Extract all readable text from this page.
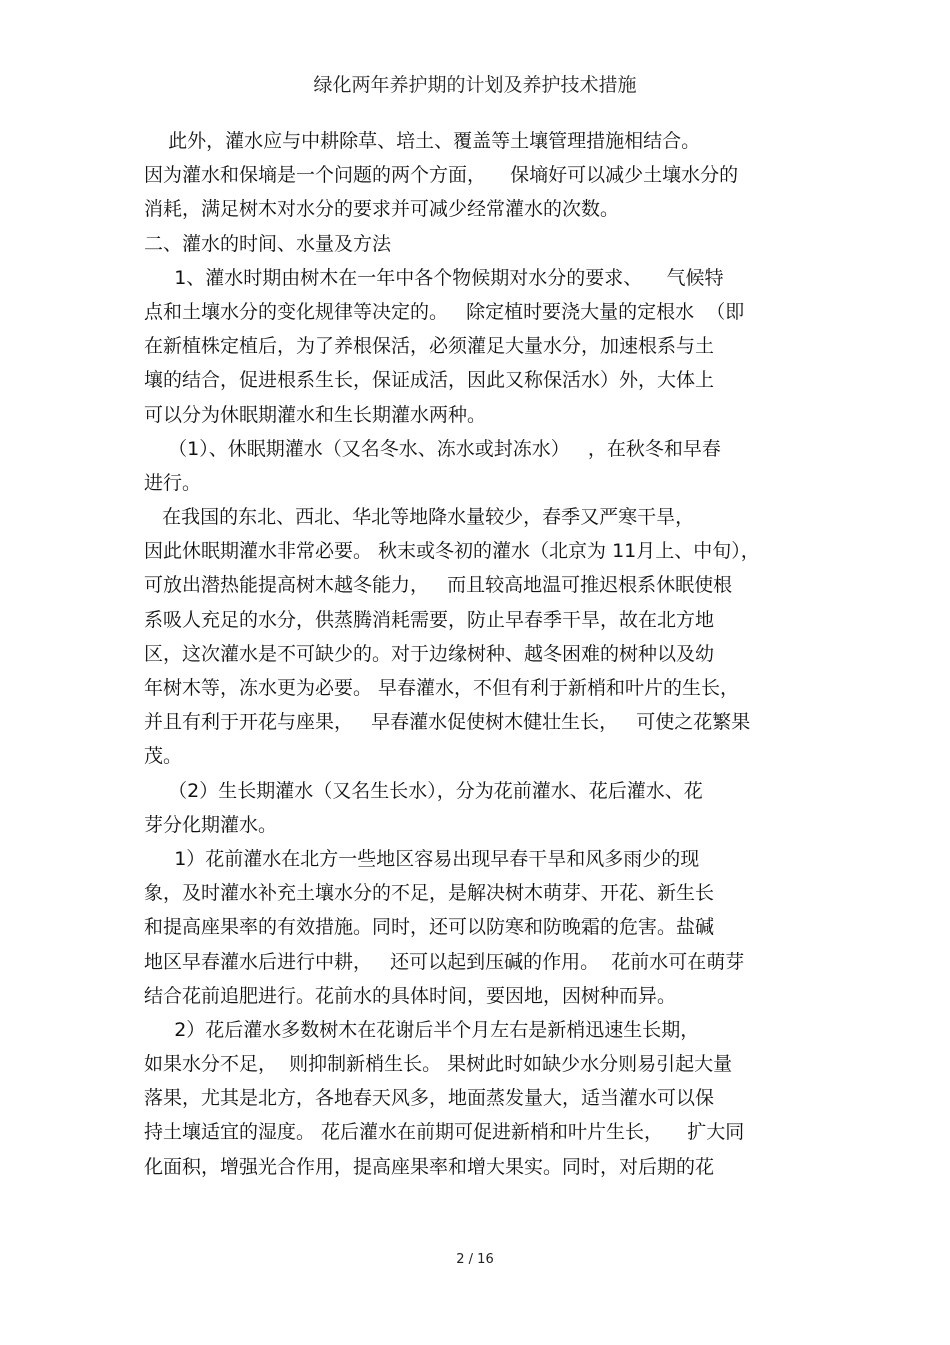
绿化两年养护期的计划及养护技术措施
此外，灌水应与中耕除草、培土、覆盖等土壤管理措施相结合。
因为灌水和保墒是一个问题的两个方面，    保墒好可以减少土壤水分的
消耗，满足树木对水分的要求并可减少经常灌水的次数。
二、灌水的时间、水量及方法
1、灌水时期由树木在一年中各个物候期对水分的要求、    气候特
点和土壤水分的变化规律等决定的。   除定植时要浇大量的定根水  （即
在新植株定植后，为了养根保活，必须灌足大量水分，加速根系与土
壤的结合，促进根系生长，保证成活，因此又称保活水）外，大体上
可以分为休眠期灌水和生长期灌水两种。
（1）、休眠期灌水（又名冬水、冻水或封冻水）   ，在秋冬和早春
进行。
在我国的东北、西北、华北等地降水量较少，春季又严寒干旱，
因此休眠期灌水非常必要。 秋末或冬初的灌水（北京为 11月上、中旬），
可放出潜热能提高树木越冬能力，   而且较高地温可推迟根系休眠使根
系吸人充足的水分，供蒸腾消耗需要，防止早春季干旱，故在北方地
区，这次灌水是不可缺少的。对于边缘树种、越冬困难的树种以及幼
年树木等，冻水更为必要。 早春灌水，不但有利于新梢和叶片的生长，
并且有利于开花与座果，   早春灌水促使树木健壮生长，   可使之花繁果
茂。
（2）生长期灌水（又名生长水），分为花前灌水、花后灌水、花
芽分化期灌水。
1）花前灌水在北方一些地区容易出现早春干旱和风多雨少的现
象，及时灌水补充土壤水分的不足，是解决树木萌芽、开花、新生长
和提高座果率的有效措施。同时，还可以防寒和防晚霜的危害。盐碱
地区早春灌水后进行中耕，   还可以起到压碱的作用。  花前水可在萌芽
结合花前追肥进行。花前水的具体时间，要因地，因树种而异。
2）花后灌水多数树木在花谢后半个月左右是新梢迅速生长期，
如果水分不足，  则抑制新梢生长。 果树此时如缺少水分则易引起大量
落果，尤其是北方，各地春天风多，地面蒸发量大，适当灌水可以保
持土壤适宜的湿度。 花后灌水在前期可促进新梢和叶片生长，    扩大同
化面积，增强光合作用，提高座果率和增大果实。同时，对后期的花
2 / 16
